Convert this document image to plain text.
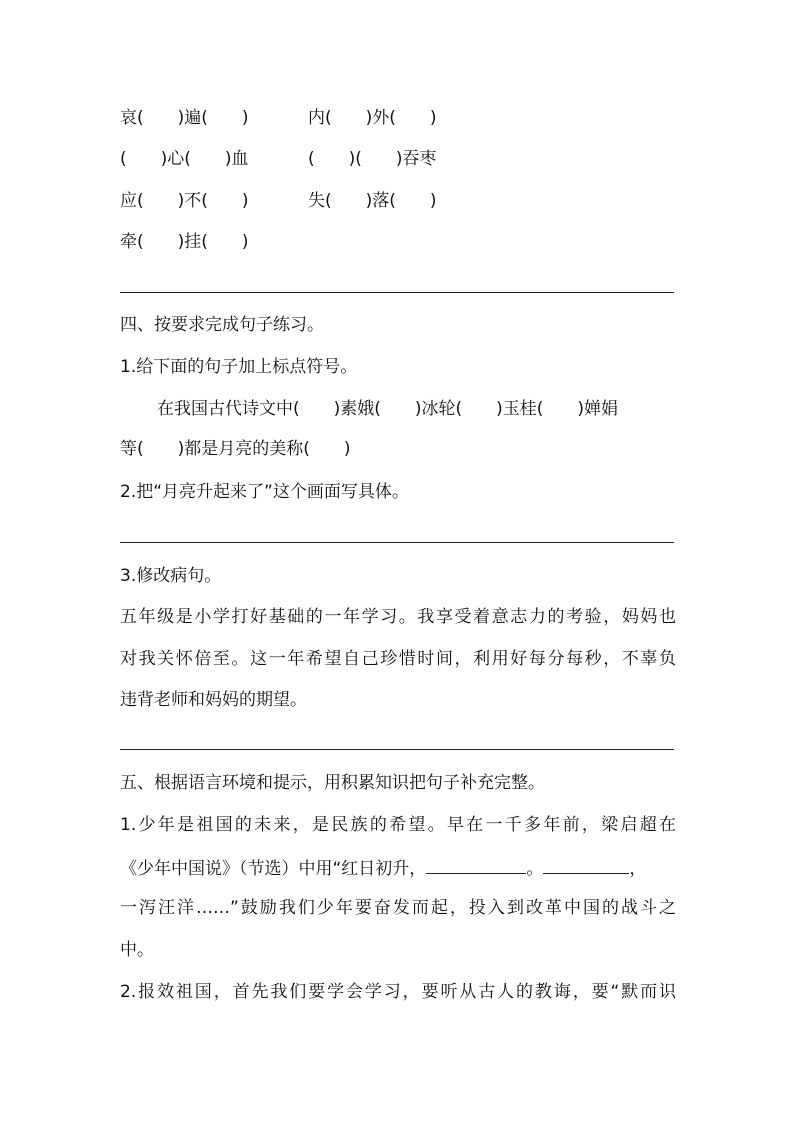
哀(　　)遍(　　)	内(　　)外(　　)
(　　)心(　　)血	(　　)(　　)吞枣
应(　　)不(　　)	失(　　)落(　　)
牵(　　)挂(　　)
四、按要求完成句子练习。
1.给下面的句子加上标点符号。
在我国古代诗文中(　　)素娥(　　)冰轮(　　)玉桂(　　)婵娟
等(　　)都是月亮的美称(　　)
2.把“月亮升起来了”这个画面写具体。
3.修改病句。
五年级是小学打好基础的一年学习。我享受着意志力的考验，妈妈也
对我关怀倍至。这一年希望自己珍惜时间，利用好每分每秒，不辜负
违背老师和妈妈的期望。
五、根据语言环境和提示，用积累知识把句子补充完整。
1.少年是祖国的未来，是民族的希望。早在一千多年前，梁启超在
《少年中国说》（节选）中用“红日初升，	。	，
一泻汪洋……”鼓励我们少年要奋发而起，投入到改革中国的战斗之
中。
2.报效祖国，首先我们要学会学习，要听从古人的教诲，要“默而识
